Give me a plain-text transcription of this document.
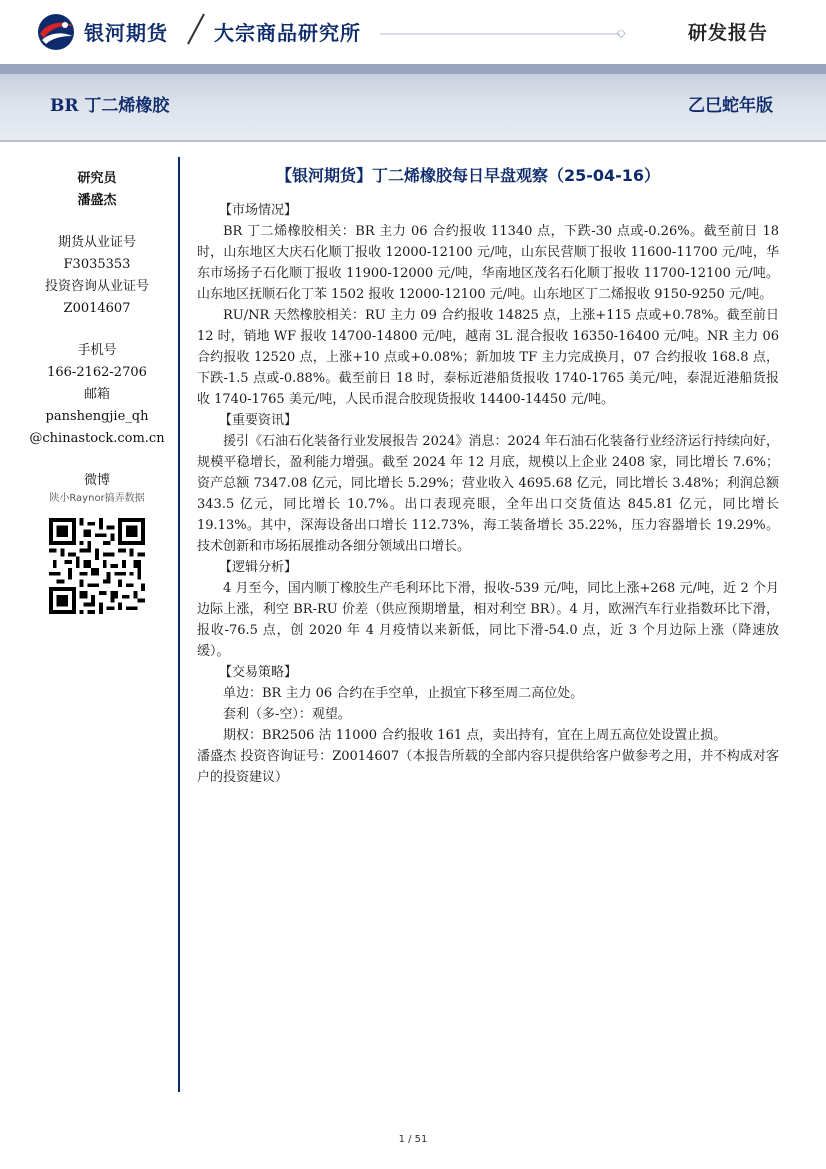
银河期货 大宗商品研究所	研发报告
BR 丁二烯橡胶	乙巳蛇年版
研究员
潘盛杰
期货从业证号
F3035353
投资咨询从业证号
Z0014607
手机号
166-2162-2706
邮箱
panshengjie_qh
@chinastock.com.cn
微博
陕小Raynor搞弄数据
【银河期货】丁二烯橡胶每日早盘观察（25-04-16）

【市场情况】

BR 丁二烯橡胶相关：BR 主力 06 合约报收 11340 点，下跌-30 点或-0.26%。截至前日 18 时，山东地区大庆石化顺丁报收 12000-12100 元/吨，山东民营顺丁报收 11600-11700 元/吨，华东市场扬子石化顺丁报收 11900-12000 元/吨，华南地区茂名石化顺丁报收 11700-12100 元/吨。山东地区抚顺石化丁苯 1502 报收 12000-12100 元/吨。山东地区丁二烯报收 9150-9250 元/吨。

RU/NR 天然橡胶相关：RU 主力 09 合约报收 14825 点，上涨+115 点或+0.78%。截至前日 12 时，销地 WF 报收 14700-14800 元/吨，越南 3L 混合报收 16350-16400 元/吨。NR 主力 06 合约报收 12520 点，上涨+10 点或+0.08%；新加坡 TF 主力完成换月，07 合约报收 168.8 点，下跌-1.5 点或-0.88%。截至前日 18 时，泰标近港船货报收 1740-1765 美元/吨，泰混近港船货报收 1740-1765 美元/吨，人民币混合胶现货报收 14400-14450 元/吨。

【重要资讯】

援引《石油石化装备行业发展报告 2024》消息：2024 年石油石化装备行业经济运行持续向好，规模平稳增长，盈利能力增强。截至 2024 年 12 月底，规模以上企业 2408 家，同比增长 7.6%；资产总额 7347.08 亿元，同比增长 5.29%；营业收入 4695.68 亿元，同比增长 3.48%；利润总额 343.5 亿元，同比增长 10.7%。出口表现亮眼，全年出口交货值达 845.81 亿元，同比增长 19.13%。其中，深海设备出口增长 112.73%，海工装备增长 35.22%，压力容器增长 19.29%。技术创新和市场拓展推动各细分领域出口增长。

【逻辑分析】

4 月至今，国内顺丁橡胶生产毛利环比下滑，报收-539 元/吨，同比上涨+268 元/吨，近 2 个月边际上涨，利空 BR-RU 价差（供应预期增量，相对利空 BR）。4 月，欧洲汽车行业指数环比下滑，报收-76.5 点，创 2020 年 4 月疫情以来新低，同比下滑-54.0 点，近 3 个月边际上涨（降速放缓）。

【交易策略】

单边：BR 主力 06 合约在手空单，止损宜下移至周二高位处。

套利（多-空）：观望。

期权：BR2506 沽 11000 合约报收 161 点，卖出持有，宜在上周五高位处设置止损。

潘盛杰 投资咨询证号：Z0014607（本报告所载的全部内容只提供给客户做参考之用，并不构成对客户的投资建议）

1 / 51
